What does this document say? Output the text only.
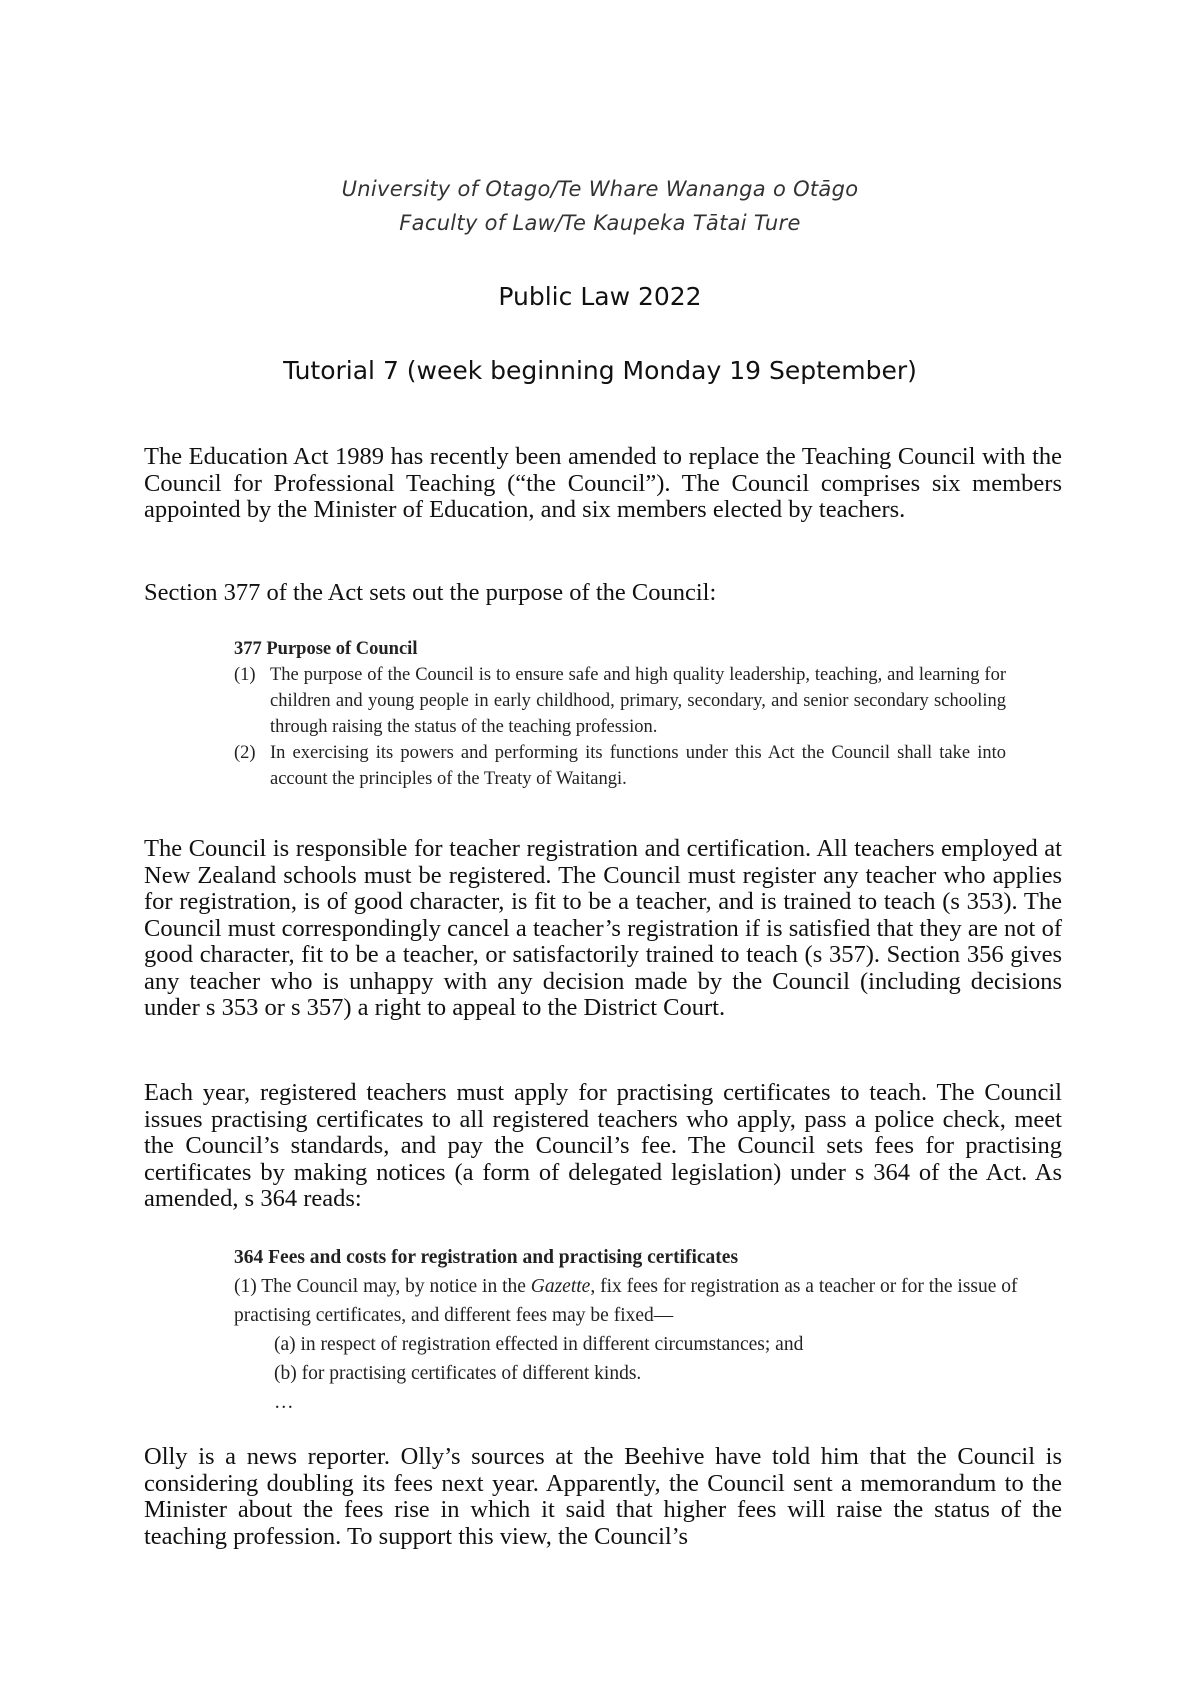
University of Otago/Te Whare Wananga o Otāgo
Faculty of Law/Te Kaupeka Tātai Ture
Public Law 2022
Tutorial 7 (week beginning Monday 19 September)
The Education Act 1989 has recently been amended to replace the Teaching Council with the Council for Professional Teaching (“the Council”). The Council comprises six members appointed by the Minister of Education, and six members elected by teachers.
Section 377 of the Act sets out the purpose of the Council:
377 Purpose of Council
(1) The purpose of the Council is to ensure safe and high quality leadership, teaching, and learning for children and young people in early childhood, primary, secondary, and senior secondary schooling through raising the status of the teaching profession.
(2) In exercising its powers and performing its functions under this Act the Council shall take into account the principles of the Treaty of Waitangi.
The Council is responsible for teacher registration and certification. All teachers employed at New Zealand schools must be registered. The Council must register any teacher who applies for registration, is of good character, is fit to be a teacher, and is trained to teach (s 353). The Council must correspondingly cancel a teacher’s registration if is satisfied that they are not of good character, fit to be a teacher, or satisfactorily trained to teach (s 357). Section 356 gives any teacher who is unhappy with any decision made by the Council (including decisions under s 353 or s 357) a right to appeal to the District Court.
Each year, registered teachers must apply for practising certificates to teach. The Council issues practising certificates to all registered teachers who apply, pass a police check, meet the Council’s standards, and pay the Council’s fee. The Council sets fees for practising certificates by making notices (a form of delegated legislation) under s 364 of the Act. As amended, s 364 reads:
364 Fees and costs for registration and practising certificates
(1) The Council may, by notice in the Gazette, fix fees for registration as a teacher or for the issue of practising certificates, and different fees may be fixed—
(a) in respect of registration effected in different circumstances; and
(b) for practising certificates of different kinds.
…
Olly is a news reporter. Olly’s sources at the Beehive have told him that the Council is considering doubling its fees next year. Apparently, the Council sent a memorandum to the Minister about the fees rise in which it said that higher fees will raise the status of the teaching profession. To support this view, the Council’s
